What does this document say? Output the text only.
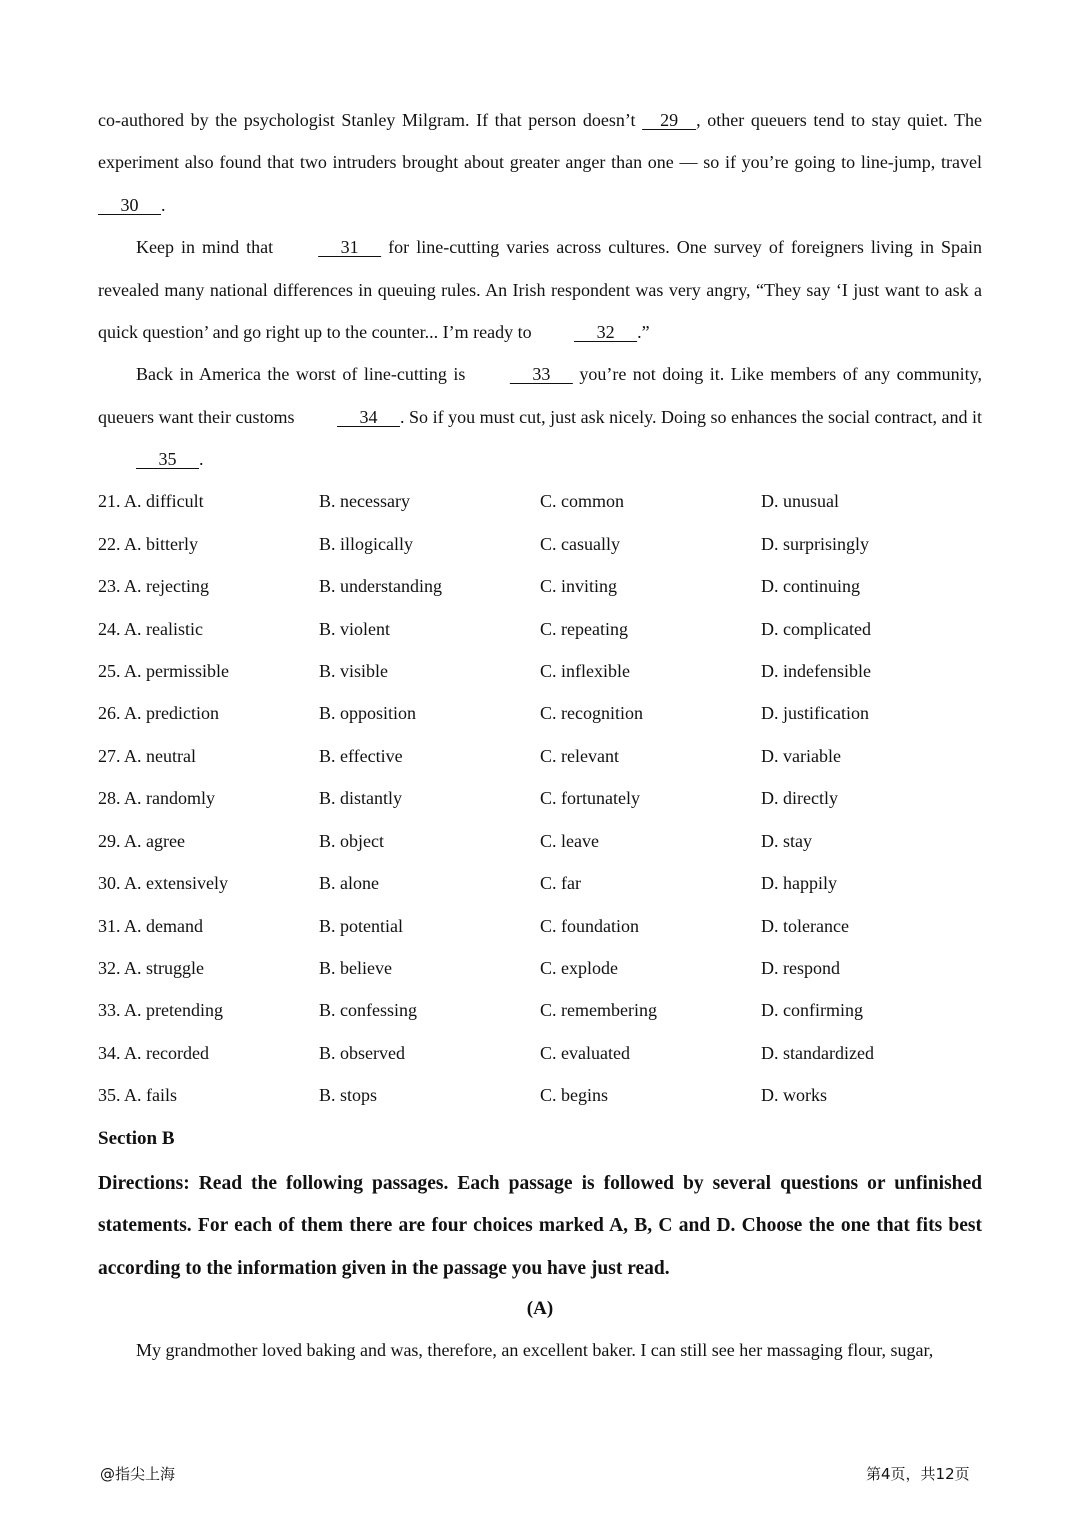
co-authored by the psychologist Stanley Milgram. If that person doesn’t     29    , other queuers tend to stay quiet. The experiment also found that two intruders brought about greater anger than one — so if you’re going to line-jump, travel      30     .

Keep in mind that      31      for line-cutting varies across cultures. One survey of foreigners living in Spain revealed many national differences in queuing rules. An Irish respondent was very angry, “They say ‘I just want to ask a quick question’ and go right up to the counter... I’m ready to      32     .”

Back in America the worst of line-cutting is      33      you’re not doing it. Like members of any community, queuers want their customs      34     . So if you must cut, just ask nicely. Doing so enhances the social contract, and it      35     .

21. A. difficult	B. necessary	C. common	D. unusual
22. A. bitterly	B. illogically	C. casually	D. surprisingly
23. A. rejecting	B. understanding	C. inviting	D. continuing
24. A. realistic	B. violent	C. repeating	D. complicated
25. A. permissible	B. visible	C. inflexible	D. indefensible
26. A. prediction	B. opposition	C. recognition	D. justification
27. A. neutral	B. effective	C. relevant	D. variable
28. A. randomly	B. distantly	C. fortunately	D. directly
29. A. agree	B. object	C. leave	D. stay
30. A. extensively	B. alone	C. far	D. happily
31. A. demand	B. potential	C. foundation	D. tolerance
32. A. struggle	B. believe	C. explode	D. respond
33. A. pretending	B. confessing	C. remembering	D. confirming
34. A. recorded	B. observed	C. evaluated	D. standardized
35. A. fails	B. stops	C. begins	D. works
Section B
Directions: Read the following passages. Each passage is followed by several questions or unfinished statements. For each of them there are four choices marked A, B, C and D. Choose the one that fits best according to the information given in the passage you have just read.
(A)
My grandmother loved baking and was, therefore, an excellent baker. I can still see her massaging flour, sugar,
@指尖上海	第4页，共12页
